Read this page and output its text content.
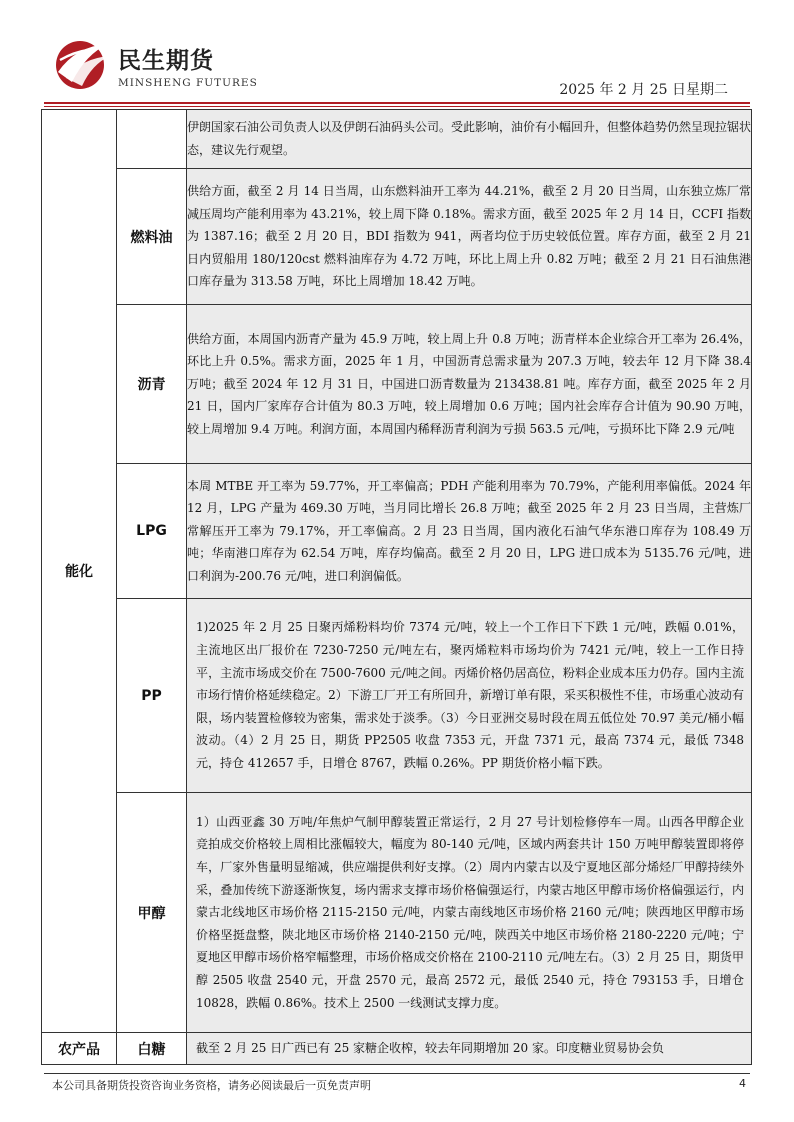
民生期货
MINSHENG FUTURES	2025 年 2 月 25 日星期二
能化		伊朗国家石油公司负责人以及伊朗石油码头公司。受此影响，油价有小幅回升，但整体趋势仍然呈现拉锯状态，建议先行观望。
	燃料油	供给方面，截至 2 月 14 日当周，山东燃料油开工率为 44.21%，截至 2 月 20 日当周，山东独立炼厂常减压周均产能利用率为 43.21%，较上周下降 0.18%。需求方面，截至 2025 年 2 月 14 日，CCFI 指数为 1387.16；截至 2 月 20 日，BDI 指数为 941，两者均位于历史较低位置。库存方面，截至 2 月 21 日内贸船用 180/120cst 燃料油库存为 4.72 万吨，环比上周上升 0.82 万吨；截至 2 月 21 日石油焦港口库存量为 313.58 万吨，环比上周增加 18.42 万吨。
	沥青	供给方面，本周国内沥青产量为 45.9 万吨，较上周上升 0.8 万吨；沥青样本企业综合开工率为 26.4%，环比上升 0.5%。需求方面，2025 年 1 月，中国沥青总需求量为 207.3 万吨，较去年 12 月下降 38.4 万吨；截至 2024 年 12 月 31 日，中国进口沥青数量为 213438.81 吨。库存方面，截至 2025 年 2 月 21 日，国内厂家库存合计值为 80.3 万吨，较上周增加 0.6 万吨；国内社会库存合计值为 90.90 万吨，较上周增加 9.4 万吨。利润方面，本周国内稀释沥青利润为亏损 563.5 元/吨，亏损环比下降 2.9 元/吨
	LPG	本周 MTBE 开工率为 59.77%，开工率偏高；PDH 产能利用率为 70.79%，产能利用率偏低。2024 年 12 月，LPG 产量为 469.30 万吨，当月同比增长 26.8 万吨；截至 2025 年 2 月 23 日当周，主营炼厂常解压开工率为 79.17%，开工率偏高。2 月 23 日当周，国内液化石油气华东港口库存为 108.49 万吨；华南港口库存为 62.54 万吨，库存均偏高。截至 2 月 20 日，LPG 进口成本为 5135.76 元/吨，进口利润为-200.76 元/吨，进口利润偏低。
	PP	1)2025 年 2 月 25 日聚丙烯粉料均价 7374 元/吨，较上一个工作日下下跌 1 元/吨，跌幅 0.01%，主流地区出厂报价在 7230-7250 元/吨左右，聚丙烯粒料市场均价为 7421 元/吨，较上一工作日持平，主流市场成交价在 7500-7600 元/吨之间。丙烯价格仍居高位，粉料企业成本压力仍存。国内主流市场行情价格延续稳定。2）下游工厂开工有所回升，新增订单有限，采买积极性不佳，市场重心波动有限，场内装置检修较为密集，需求处于淡季。（3）今日亚洲交易时段在周五低位处 70.97 美元/桶小幅波动。（4）2 月 25 日，期货 PP2505 收盘 7353 元，开盘 7371 元，最高 7374 元，最低 7348 元，持仓 412657 手，日增仓 8767，跌幅 0.26%。PP 期货价格小幅下跌。
	甲醇	1）山西亚鑫 30 万吨/年焦炉气制甲醇装置正常运行，2 月 27 号计划检修停车一周。山西各甲醇企业竞拍成交价格较上周相比涨幅较大，幅度为 80-140 元/吨，区域内两套共计 150 万吨甲醇装置即将停车，厂家外售量明显缩减，供应端提供利好支撑。（2）周内内蒙古以及宁夏地区部分烯烃厂甲醇持续外采，叠加传统下游逐渐恢复，场内需求支撑市场价格偏强运行，内蒙古地区甲醇市场价格偏强运行，内蒙古北线地区市场价格 2115-2150 元/吨，内蒙古南线地区市场价格 2160 元/吨；陕西地区甲醇市场价格坚挺盘整，陕北地区市场价格 2140-2150 元/吨，陕西关中地区市场价格 2180-2220 元/吨；宁夏地区甲醇市场价格窄幅整理，市场价格成交价格在 2100-2110 元/吨左右。（3）2 月 25 日，期货甲醇 2505 收盘 2540 元，开盘 2570 元，最高 2572 元，最低 2540 元，持仓 793153 手，日增仓 10828，跌幅 0.86%。技术上 2500 一线测试支撑力度。
农产品	白糖	截至 2 月 25 日广西已有 25 家糖企收榨，较去年同期增加 20 家。印度糖业贸易协会负
本公司具备期货投资咨询业务资格，请务必阅读最后一页免责声明	4
